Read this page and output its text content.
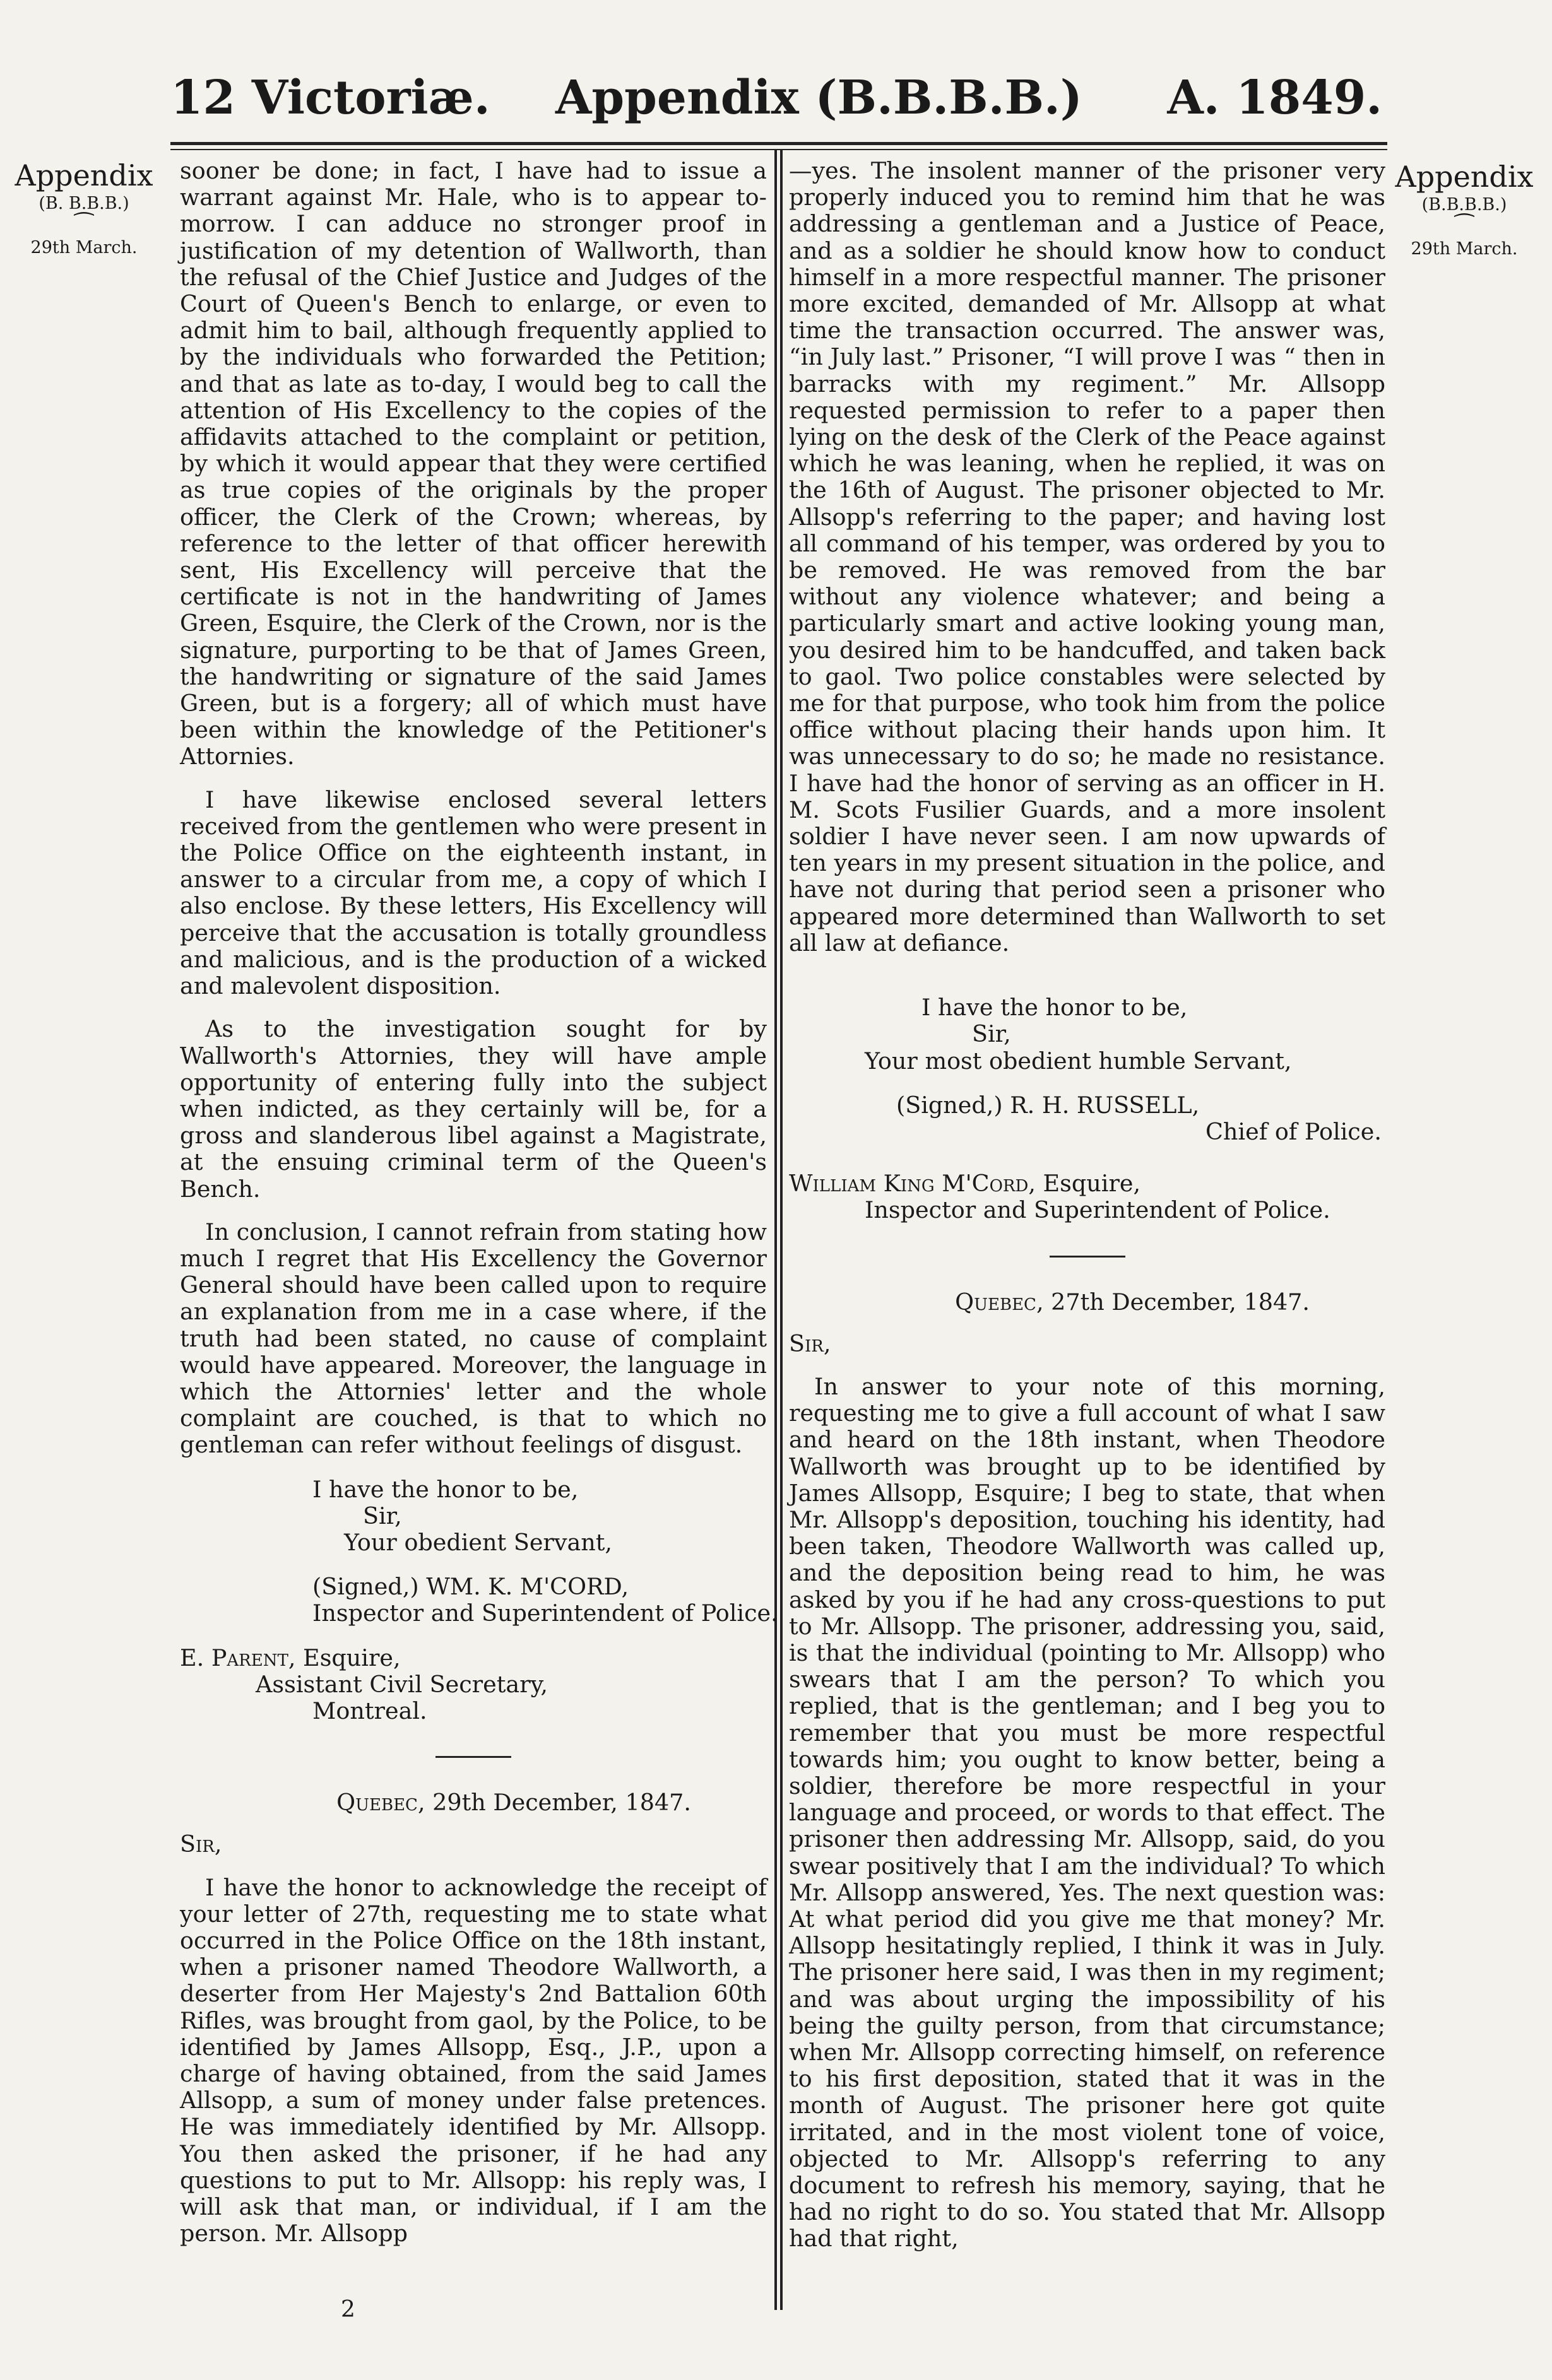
12 Victoriæ. Appendix (B.B.B.B.) A. 1849.
Appendix
(B. B.B.B.)
⁀
29th March.
Appendix
(B.B.B.B.)
⁀
29th March.

sooner be done; in fact, I have had to issue a warrant against Mr. Hale, who is to appear to-morrow. I can adduce no stronger proof in justification of my detention of Wallworth, than the refusal of the Chief Justice and Judges of the Court of Queen's Bench to enlarge, or even to admit him to bail, although frequently applied to by the individuals who forwarded the Petition; and that as late as to-day, I would beg to call the attention of His Excellency to the copies of the affidavits attached to the complaint or petition, by which it would appear that they were certified as true copies of the originals by the proper officer, the Clerk of the Crown; whereas, by reference to the letter of that officer herewith sent, His Excellency will perceive that the certificate is not in the handwriting of James Green, Esquire, the Clerk of the Crown, nor is the signature, purporting to be that of James Green, the handwriting or signature of the said James Green, but is a forgery; all of which must have been within the knowledge of the Petitioner's Attornies.

I have likewise enclosed several letters received from the gentlemen who were present in the Police Office on the eighteenth instant, in answer to a circular from me, a copy of which I also enclose. By these letters, His Excellency will perceive that the accusation is totally groundless and malicious, and is the production of a wicked and malevolent disposition.

As to the investigation sought for by Wallworth's Attornies, they will have ample opportunity of entering fully into the subject when indicted, as they certainly will be, for a gross and slanderous libel against a Magistrate, at the ensuing criminal term of the Queen's Bench.

In conclusion, I cannot refrain from stating how much I regret that His Excellency the Governor General should have been called upon to require an explanation from me in a case where, if the truth had been stated, no cause of complaint would have appeared. Moreover, the language in which the Attornies' letter and the whole complaint are couched, is that to which no gentleman can refer without feelings of disgust.

I have the honor to be,
Sir,
Your obedient Servant,
(Signed,) WM. K. M'CORD,
Inspector and Superintendent of Police.
E. Parent, Esquire,
Assistant Civil Secretary,
Montreal.
Quebec, 29th December, 1847.
Sir,

I have the honor to acknowledge the receipt of your letter of 27th, requesting me to state what occurred in the Police Office on the 18th instant, when a prisoner named Theodore Wallworth, a deserter from Her Majesty's 2nd Battalion 60th Rifles, was brought from gaol, by the Police, to be identified by James Allsopp, Esq., J.P., upon a charge of having obtained, from the said James Allsopp, a sum of money under false pretences. He was immediately identified by Mr. Allsopp. You then asked the prisoner, if he had any questions to put to Mr. Allsopp: his reply was, I will ask that man, or individual, if I am the person. Mr. Allsopp

2

—yes. The insolent manner of the prisoner very properly induced you to remind him that he was addressing a gentleman and a Justice of Peace, and as a soldier he should know how to conduct himself in a more respectful manner. The prisoner more excited, demanded of Mr. Allsopp at what time the transaction occurred. The answer was, “in July last.” Prisoner, “I will prove I was “ then in barracks with my regiment.” Mr. Allsopp requested permission to refer to a paper then lying on the desk of the Clerk of the Peace against which he was leaning, when he replied, it was on the 16th of August. The prisoner objected to Mr. Allsopp's referring to the paper; and having lost all command of his temper, was ordered by you to be removed. He was removed from the bar without any violence whatever; and being a particularly smart and active looking young man, you desired him to be handcuffed, and taken back to gaol. Two police constables were selected by me for that purpose, who took him from the police office without placing their hands upon him. It was unnecessary to do so; he made no resistance. I have had the honor of serving as an officer in H. M. Scots Fusilier Guards, and a more insolent soldier I have never seen. I am now upwards of ten years in my present situation in the police, and have not during that period seen a prisoner who appeared more determined than Wallworth to set all law at defiance.

I have the honor to be,
Sir,
Your most obedient humble Servant,
(Signed,) R. H. RUSSELL,
Chief of Police.
William King M'Cord, Esquire,
Inspector and Superintendent of Police.
Quebec, 27th December, 1847.
Sir,

In answer to your note of this morning, requesting me to give a full account of what I saw and heard on the 18th instant, when Theodore Wallworth was brought up to be identified by James Allsopp, Esquire; I beg to state, that when Mr. Allsopp's deposition, touching his identity, had been taken, Theodore Wallworth was called up, and the deposition being read to him, he was asked by you if he had any cross-questions to put to Mr. Allsopp. The prisoner, addressing you, said, is that the individual (pointing to Mr. Allsopp) who swears that I am the person? To which you replied, that is the gentleman; and I beg you to remember that you must be more respectful towards him; you ought to know better, being a soldier, therefore be more respectful in your language and proceed, or words to that effect. The prisoner then addressing Mr. Allsopp, said, do you swear positively that I am the individual? To which Mr. Allsopp answered, Yes. The next question was: At what period did you give me that money? Mr. Allsopp hesitatingly replied, I think it was in July. The prisoner here said, I was then in my regiment; and was about urging the impossibility of his being the guilty person, from that circumstance; when Mr. Allsopp correcting himself, on reference to his first deposition, stated that it was in the month of August. The prisoner here got quite irritated, and in the most violent tone of voice, objected to Mr. Allsopp's referring to any document to refresh his memory, saying, that he had no right to do so. You stated that Mr. Allsopp had that right,
